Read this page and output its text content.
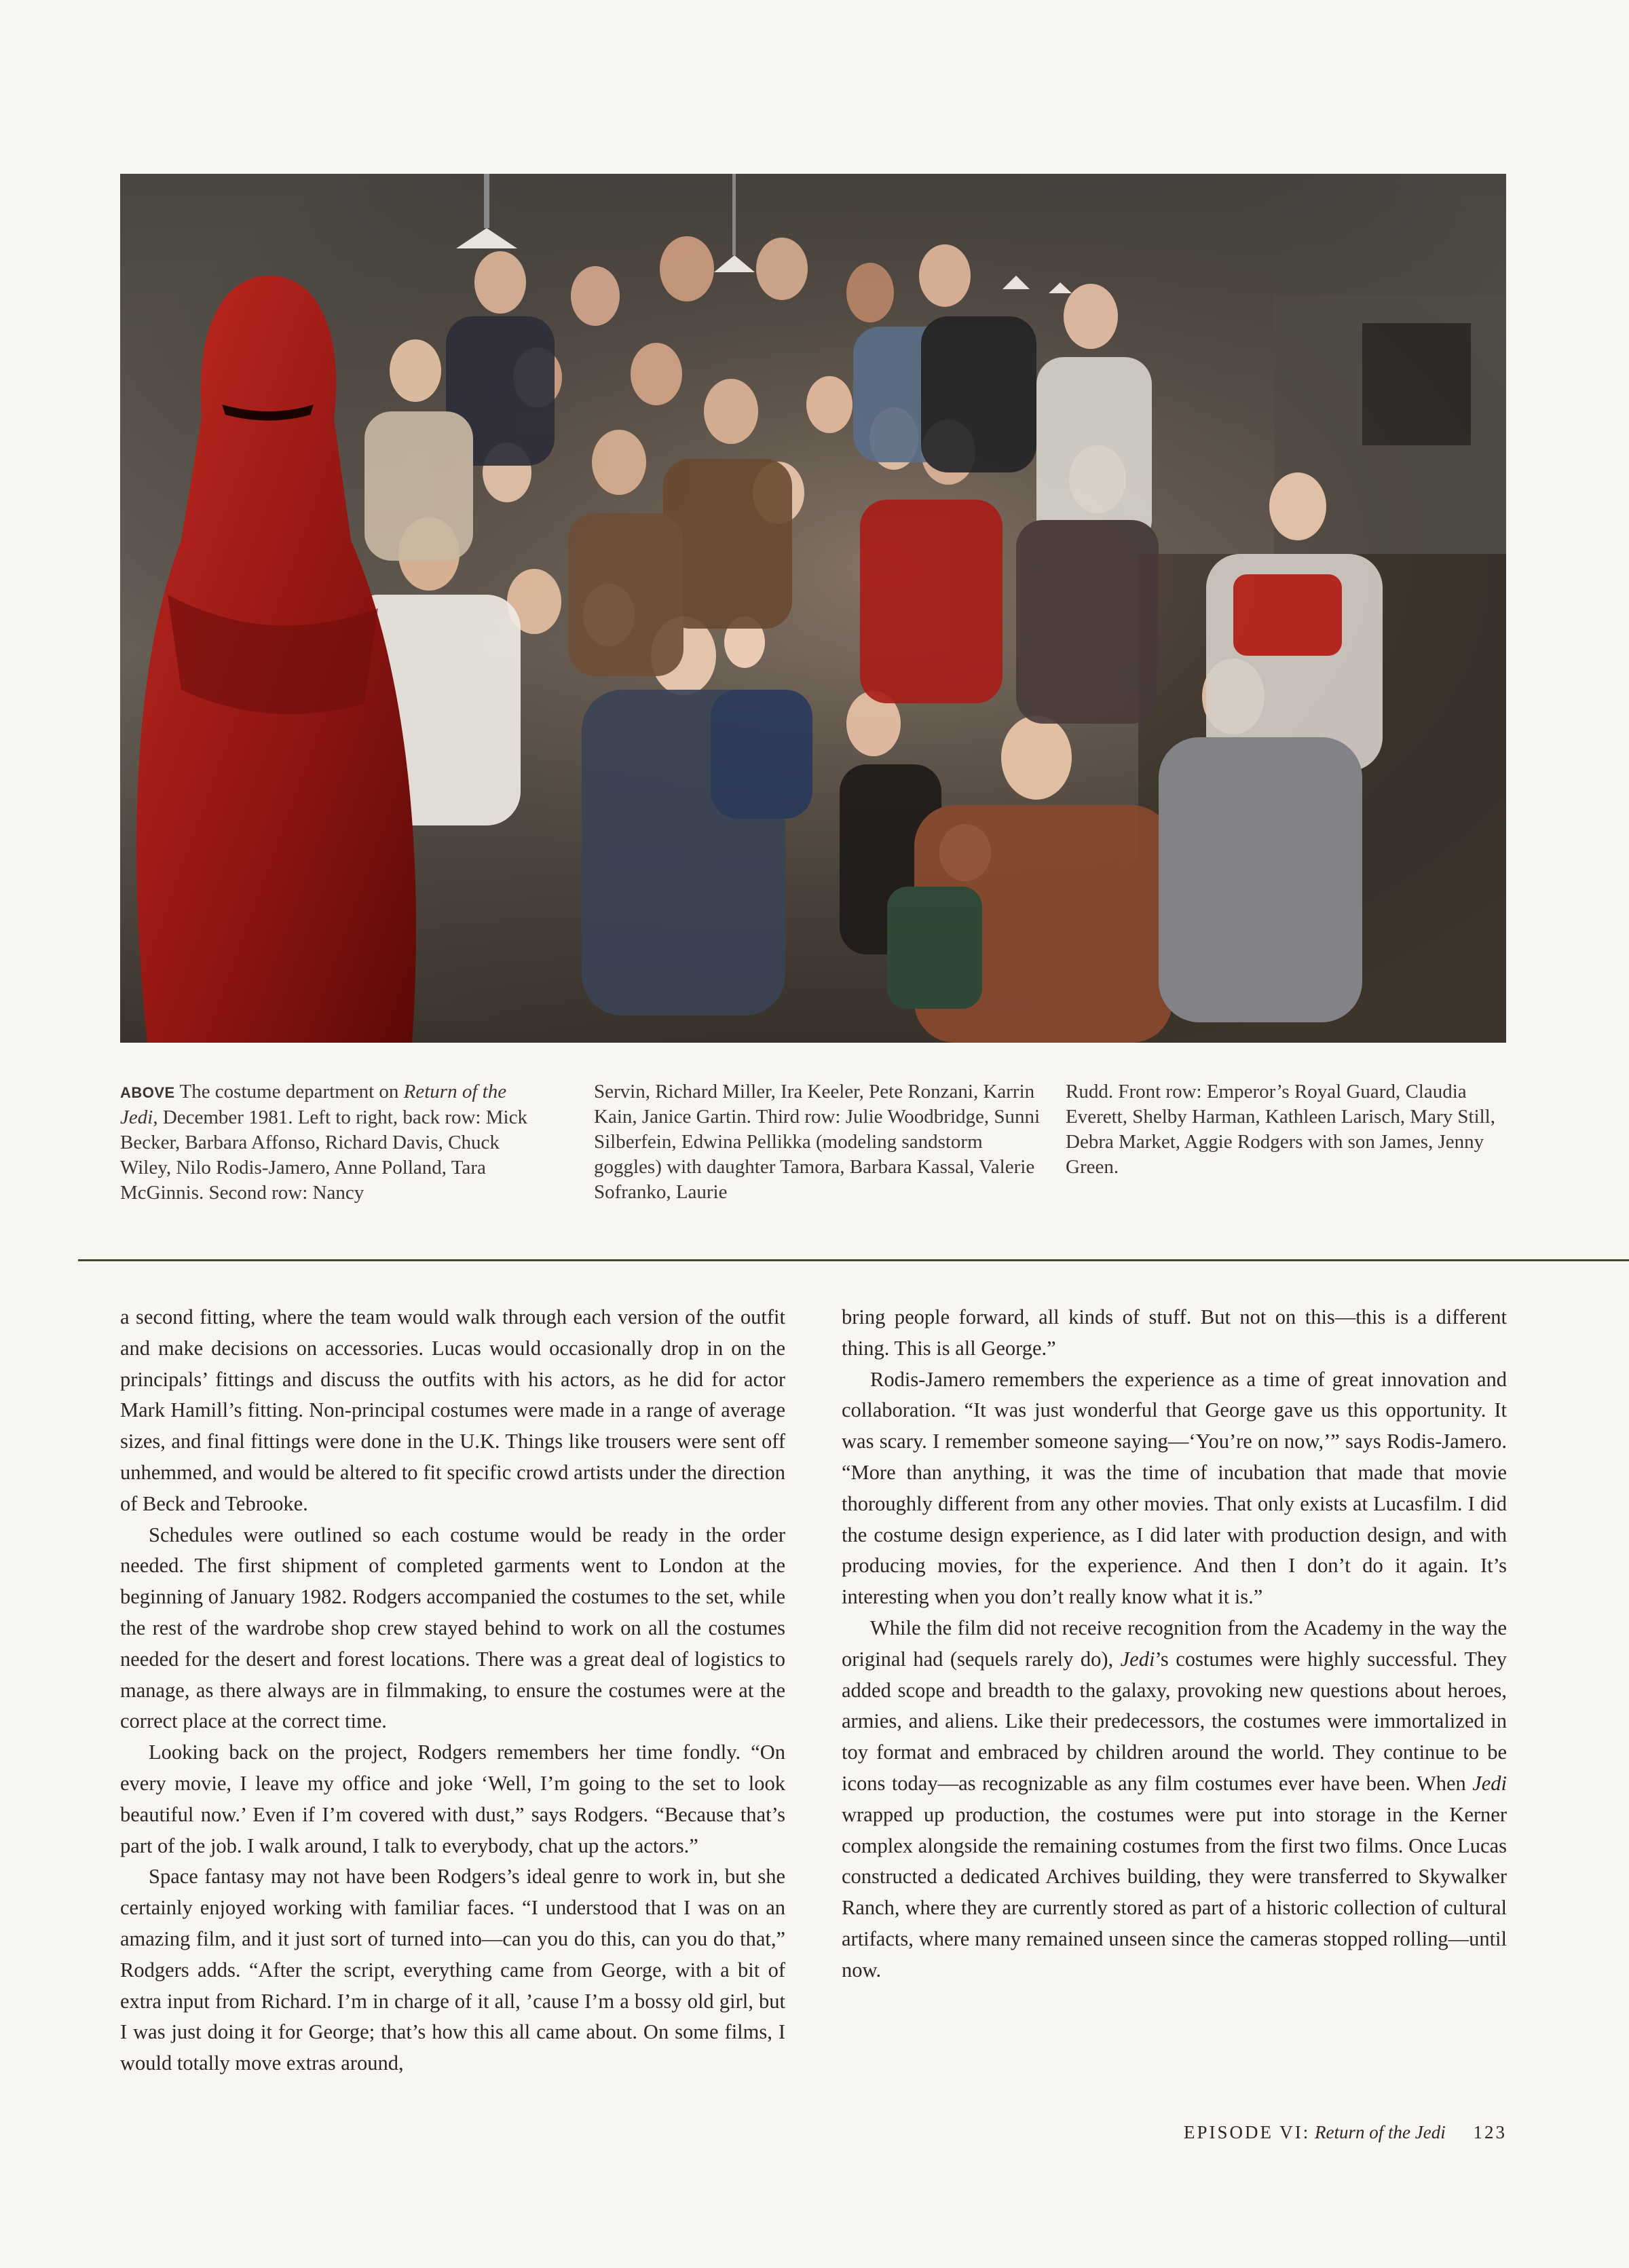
ABOVE The costume department on Return of the Jedi, December 1981. Left to right, back row: Mick Becker, Barbara Affonso, Richard Davis, Chuck Wiley, Nilo Rodis-Jamero, Anne Polland, Tara McGinnis. Second row: Nancy
Servin, Richard Miller, Ira Keeler, Pete Ronzani, Karrin Kain, Janice Gartin. Third row: Julie Woodbridge, Sunni Silberfein, Edwina Pellikka (modeling sandstorm goggles) with daughter Tamora, Barbara Kassal, Valerie Sofranko, Laurie
Rudd. Front row: Emperor’s Royal Guard, Claudia Everett, Shelby Harman, Kathleen Larisch, Mary Still, Debra Market, Aggie Rodgers with son James, Jenny Green.

a second fitting, where the team would walk through each version of the outfit and make decisions on accessories. Lucas would occasionally drop in on the principals’ fittings and discuss the outfits with his actors, as he did for actor Mark Hamill’s fitting. Non-principal costumes were made in a range of average sizes, and final fittings were done in the U.K. Things like trousers were sent off unhemmed, and would be altered to fit specific crowd artists under the direction of Beck and Tebrooke.

Schedules were outlined so each costume would be ready in the order needed. The first shipment of completed garments went to London at the beginning of January 1982. Rodgers accompanied the costumes to the set, while the rest of the wardrobe shop crew stayed behind to work on all the costumes needed for the desert and forest locations. There was a great deal of logistics to manage, as there always are in filmmaking, to ensure the costumes were at the correct place at the correct time.

Looking back on the project, Rodgers remembers her time fondly. “On every movie, I leave my office and joke ‘Well, I’m going to the set to look beautiful now.’ Even if I’m covered with dust,” says Rodgers. “Because that’s part of the job. I walk around, I talk to everybody, chat up the actors.”

Space fantasy may not have been Rodgers’s ideal genre to work in, but she certainly enjoyed working with familiar faces. “I understood that I was on an amazing film, and it just sort of turned into—can you do this, can you do that,” Rodgers adds. “After the script, everything came from George, with a bit of extra input from Richard. I’m in charge of it all, ’cause I’m a bossy old girl, but I was just doing it for George; that’s how this all came about. On some films, I would totally move extras around,

bring people forward, all kinds of stuff. But not on this—this is a different thing. This is all George.”

Rodis-Jamero remembers the experience as a time of great innovation and collaboration. “It was just wonderful that George gave us this opportunity. It was scary. I remember someone saying—‘You’re on now,’” says Rodis-Jamero. “More than anything, it was the time of incubation that made that movie thoroughly different from any other movies. That only exists at Lucasfilm. I did the costume design experience, as I did later with production design, and with producing movies, for the experience. And then I don’t do it again. It’s interesting when you don’t really know what it is.”

While the film did not receive recognition from the Academy in the way the original had (sequels rarely do), Jedi’s costumes were highly successful. They added scope and breadth to the galaxy, provoking new questions about heroes, armies, and aliens. Like their predecessors, the costumes were immortalized in toy format and embraced by children around the world. They continue to be icons today—as recognizable as any film costumes ever have been. When Jedi wrapped up production, the costumes were put into storage in the Kerner complex alongside the remaining costumes from the first two films. Once Lucas constructed a dedicated Archives building, they were transferred to Skywalker Ranch, where they are currently stored as part of a historic collection of cultural artifacts, where many remained unseen since the cameras stopped rolling—until now.

EPISODE VI: Return of the Jedi 123
